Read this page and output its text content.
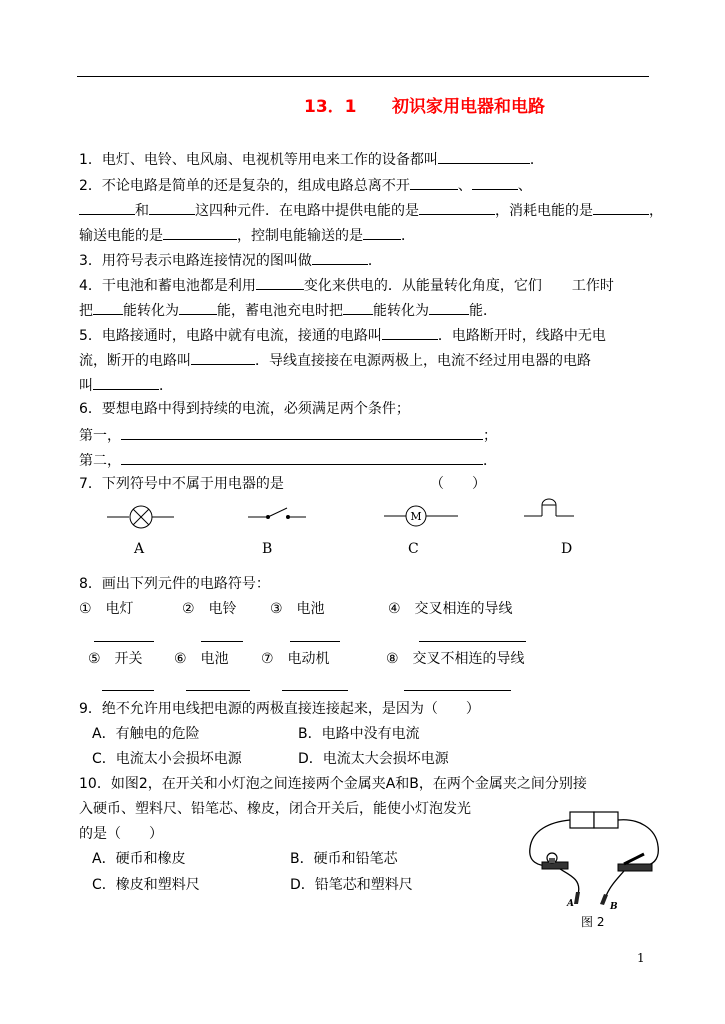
13．1 初识家用电器和电路
1．电灯、电铃、电风扇、电视机等用电来工作的设备都叫	．
2．不论电路是简单的还是复杂的，组成电路总离不开	、	、
和	这四种元件．在电路中提供电能的是	，消耗电能的是	，
输送电能的是	，控制电能输送的是	．
3．用符号表示电路连接情况的图叫做	．
4．干电池和蓄电池都是利用	变化来供电的．从能量转化角度，它们 工作时
把 能转化为	能，蓄电池充电时把 能转化为	能．
5．电路接通时，电路中就有电流，接通的电路叫	．电路断开时，线路中无电
流，断开的电路叫	．导线直接接在电源两极上，电流不经过用电器的电路
叫	．
6．要想电路中得到持续的电流，必须满足两个条件；
第一，	；
第二，	．
7．下列符号中不属于用电器的是	（　　）
M
A	B	C	D
8．画出下列元件的电路符号：
①　电灯	②　电铃 ③　电池	④　交叉相连的导线
⑤　开关 ⑥　电池 ⑦　电动机	⑧　交叉不相连的导线
9．绝不允许用电线把电源的两极直接连接起来，是因为（　　）
A．有触电的危险	B．电路中没有电流
C．电流太小会损坏电源	D．电流太大会损坏电源
10．如图2，在开关和小灯泡之间连接两个金属夹A和B，在两个金属夹之间分别接
入硬币、塑料尺、铅笔芯、橡皮，闭合开关后，能使小灯泡发光
的是（　　）
A．硬币和橡皮	B．硬币和铅笔芯
C．橡皮和塑料尺	D．铅笔芯和塑料尺
A	B
图 2
1
